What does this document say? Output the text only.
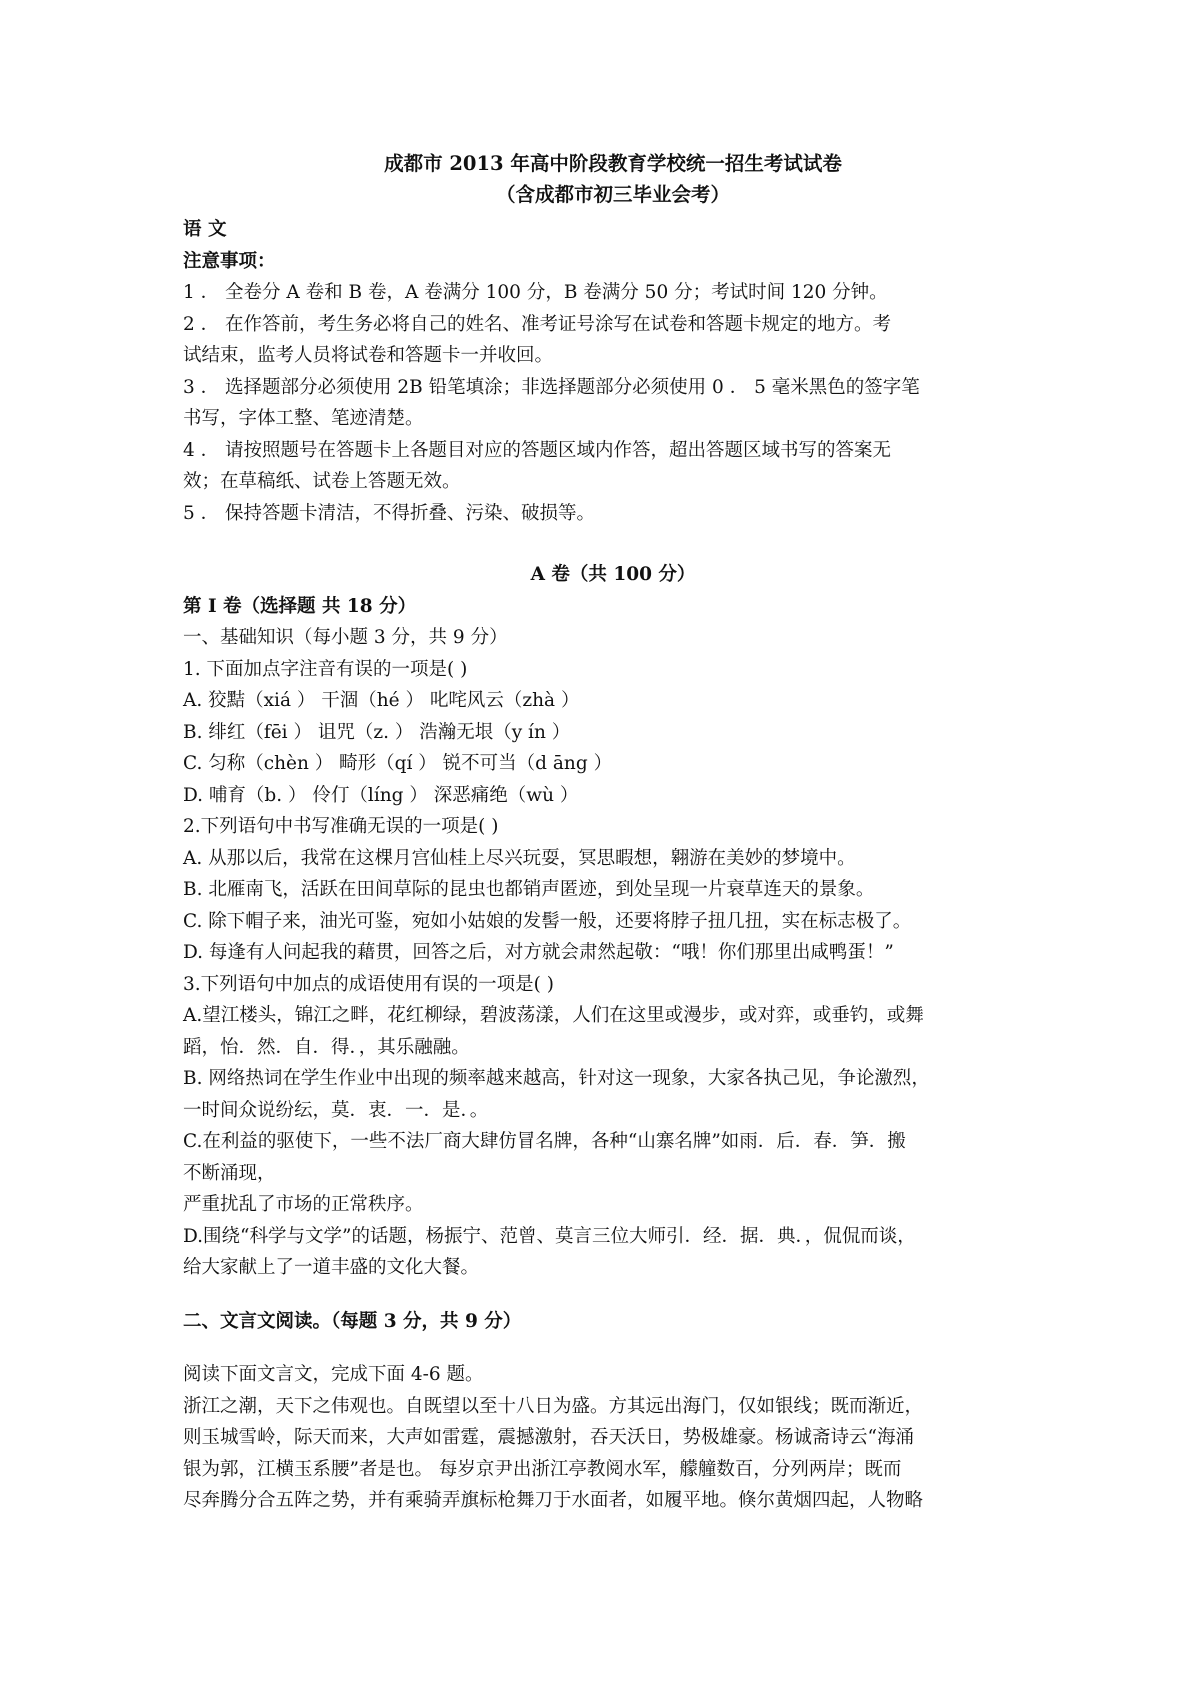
成都市 2013 年高中阶段教育学校统一招生考试试卷
（含成都市初三毕业会考）
语 文
注意事项：
1 ． 全卷分 A 卷和 B 卷，A 卷满分 100 分，B 卷满分 50 分；考试时间 120 分钟。
2 ． 在作答前，考生务必将自己的姓名、准考证号涂写在试卷和答题卡规定的地方。考
试结束，监考人员将试卷和答题卡一并收回。
3 ． 选择题部分必须使用 2B 铅笔填涂；非选择题部分必须使用 0 ． 5 毫米黑色的签字笔
书写，字体工整、笔迹清楚。
4 ． 请按照题号在答题卡上各题目对应的答题区域内作答，超出答题区域书写的答案无
效；在草稿纸、试卷上答题无效。
5 ． 保持答题卡清洁，不得折叠、污染、破损等。
A 卷（共 100 分）
第 I 卷（选择题 共 18 分）
一、基础知识（每小题 3 分，共 9 分）
1. 下面加点字注音有误的一项是( )
A. 狡黠（xiá ） 干涸（hé ） 叱咤风云（zhà ）
B. 绯红（fēi ） 诅咒（z. ） 浩瀚无垠（y ín ）
C. 匀称（chèn ） 畸形（qí ） 锐不可当（d āng ）
D. 哺育（b. ） 伶仃（líng ） 深恶痛绝（wù ）
2.下列语句中书写准确无误的一项是( )
A. 从那以后，我常在这棵月宫仙桂上尽兴玩耍，冥思暇想，翱游在美妙的梦境中。
B. 北雁南飞，活跃在田间草际的昆虫也都销声匿迹，到处呈现一片衰草连天的景象。
C. 除下帽子来，油光可鉴，宛如小姑娘的发髻一般，还要将脖子扭几扭，实在标志极了。
D. 每逢有人问起我的藉贯，回答之后，对方就会肃然起敬：“哦！你们那里出咸鸭蛋！”
3.下列语句中加点的成语使用有误的一项是( )
A.望江楼头，锦江之畔，花红柳绿，碧波荡漾，人们在这里或漫步，或对弈，或垂钓，或舞
蹈，怡．然．自．得．，其乐融融。
B. 网络热词在学生作业中出现的频率越来越高，针对这一现象，大家各执己见，争论激烈，
一时间众说纷纭，莫．衷．一．是．。
C.在利益的驱使下，一些不法厂商大肆仿冒名牌，各种“山寨名牌”如雨．后．春．笋．搬
不断涌现，
严重扰乱了市场的正常秩序。
D.围绕“科学与文学”的话题，杨振宁、范曾、莫言三位大师引．经．据．典．，侃侃而谈，
给大家献上了一道丰盛的文化大餐。
二、文言文阅读。（每题 3 分，共 9 分）
阅读下面文言文，完成下面 4-6 题。
浙江之潮，天下之伟观也。自既望以至十八日为盛。方其远出海门，仅如银线；既而渐近，
则玉城雪岭，际天而来，大声如雷霆，震撼激射，吞天沃日，势极雄豪。杨诚斋诗云“海涌
银为郭，江横玉系腰”者是也。 每岁京尹出浙江亭教阅水军，艨艟数百，分列两岸；既而
尽奔腾分合五阵之势，并有乘骑弄旗标枪舞刀于水面者，如履平地。倏尔黄烟四起，人物略
